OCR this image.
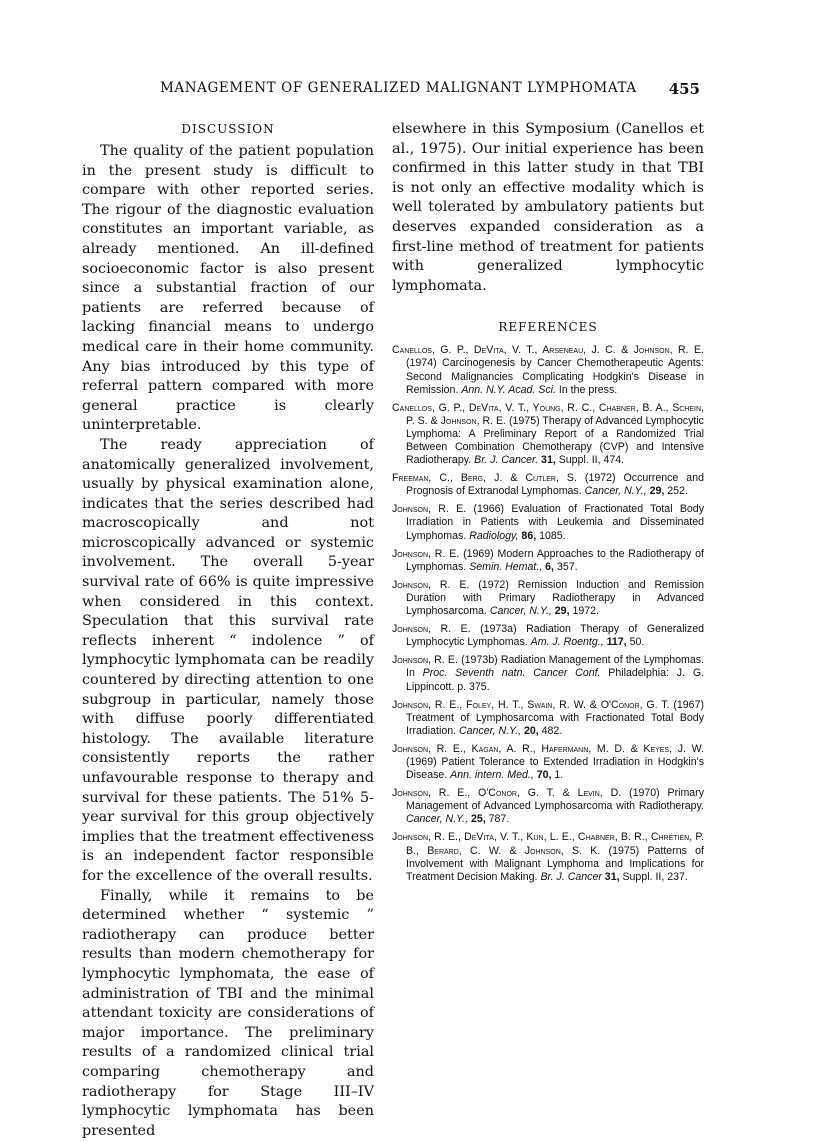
MANAGEMENT OF GENERALIZED MALIGNANT LYMPHOMATA 455
DISCUSSION

The quality of the patient population in the present study is difficult to compare with other reported series. The rigour of the diagnostic evaluation constitutes an important variable, as already mentioned. An ill-defined socioeconomic factor is also present since a substantial fraction of our patients are referred because of lacking financial means to undergo medical care in their home community. Any bias introduced by this type of referral pattern compared with more general practice is clearly uninterpretable.

The ready appreciation of anatomically generalized involvement, usually by physical examination alone, indicates that the series described had macroscopically and not microscopically advanced or systemic involvement. The overall 5-year survival rate of 66% is quite impressive when considered in this context. Speculation that this survival rate reflects inherent “ indolence ” of lymphocytic lymphomata can be readily countered by directing attention to one subgroup in particular, namely those with diffuse poorly differentiated histology. The available literature consistently reports the rather unfavourable response to therapy and survival for these patients. The 51% 5-year survival for this group objectively implies that the treatment effectiveness is an independent factor responsible for the excellence of the overall results.

Finally, while it remains to be determined whether “ systemic ” radiotherapy can produce better results than modern chemotherapy for lymphocytic lymphomata, the ease of administration of TBI and the minimal attendant toxicity are considerations of major importance. The preliminary results of a randomized clinical trial comparing chemotherapy and radiotherapy for Stage III–IV lymphocytic lymphomata has been presented

elsewhere in this Symposium (Canellos et al., 1975). Our initial experience has been confirmed in this latter study in that TBI is not only an effective modality which is well tolerated by ambulatory patients but deserves expanded consideration as a first-line method of treatment for patients with generalized lymphocytic lymphomata.

REFERENCES

Canellos, G. P., DeVita, V. T., Arseneau, J. C. & Johnson, R. E. (1974) Carcinogenesis by Cancer Chemotherapeutic Agents: Second Malignancies Complicating Hodgkin's Disease in Remission. Ann. N.Y. Acad. Sci. In the press.

Canellos, G. P., DeVita, V. T., Young, R. C., Chabner, B. A., Schein, P. S. & Johnson, R. E. (1975) Therapy of Advanced Lymphocytic Lymphoma: A Preliminary Report of a Randomized Trial Between Combination Chemotherapy (CVP) and Intensive Radiotherapy. Br. J. Cancer. 31, Suppl. II, 474.

Freeman, C., Berg, J. & Cutler, S. (1972) Occurrence and Prognosis of Extranodal Lymphomas. Cancer, N.Y., 29, 252.

Johnson, R. E. (1966) Evaluation of Fractionated Total Body Irradiation in Patients with Leukemia and Disseminated Lymphomas. Radiology, 86, 1085.

Johnson, R. E. (1969) Modern Approaches to the Radiotherapy of Lymphomas. Semin. Hemat., 6, 357.

Johnson, R. E. (1972) Remission Induction and Remission Duration with Primary Radiotherapy in Advanced Lymphosarcoma. Cancer, N.Y., 29, 1972.

Johnson, R. E. (1973a) Radiation Therapy of Generalized Lymphocytic Lymphomas. Am. J. Roentg., 117, 50.

Johnson, R. E. (1973b) Radiation Management of the Lymphomas. In Proc. Seventh natn. Cancer Conf. Philadelphia: J. G. Lippincott. p. 375.

Johnson, R. E., Foley, H. T., Swain, R. W. & O'Conor, G. T. (1967) Treatment of Lymphosarcoma with Fractionated Total Body Irradiation. Cancer, N.Y., 20, 482.

Johnson, R. E., Kagan, A. R., Hafermann, M. D. & Keyes, J. W. (1969) Patient Tolerance to Extended Irradiation in Hodgkin's Disease. Ann. intern. Med., 70, 1.

Johnson, R. E., O'Conor, G. T. & Levin, D. (1970) Primary Management of Advanced Lymphosarcoma with Radiotherapy. Cancer, N.Y., 25, 787.

Johnson, R. E., DeVita, V. T., Kun, L. E., Chabner, B. R., Chretien, P. B., Berard, C. W. & Johnson, S. K. (1975) Patterns of Involvement with Malignant Lymphoma and Implications for Treatment Decision Making. Br. J. Cancer 31, Suppl. II, 237.
